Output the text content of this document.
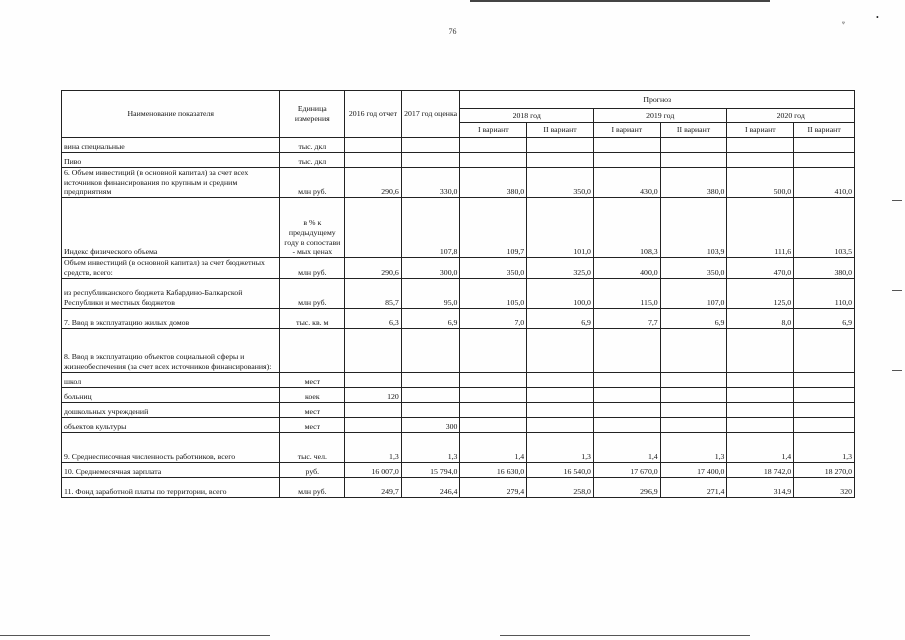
76
ᵩ	•
Наименование показателя	Единица измерения	2016 год отчет	2017 год оценка	Прогноз					
				2018 год		2019 год		2020 год	
				I вариант	II вариант	I вариант	II вариант	I вариант	II вариант
вина специальные	тыс. дкл								
Пиво	тыс. дкл								
6. Объем инвестиций (в основной капитал) за счет всех источников финансирования по крупным и средним предприятиям	млн руб.	290,6	330,0	380,0	350,0	430,0	380,0	500,0	410,0
Индекс физического объема	в % к предыдущему году в сопостави - мых ценах		107,8	109,7	101,0	108,3	103,9	111,6	103,5
Объем инвестиций (в основной капитал) за счет бюджетных средств, всего:	млн руб.	290,6	300,0	350,0	325,0	400,0	350,0	470,0	380,0
из республиканского бюджета Кабардино-Балкарской Республики и местных бюджетов	млн руб.	85,7	95,0	105,0	100,0	115,0	107,0	125,0	110,0
7. Ввод в эксплуатацию жилых домов	тыс. кв. м	6,3	6,9	7,0	6,9	7,7	6,9	8,0	6,9
8. Ввод в эксплуатацию объектов социальной сферы и жизнеобеспечения (за счет всех источников финансирования):									
школ	мест								
больниц	коек	120							
дошкольных учреждений	мест								
объектов культуры	мест		300						
9. Среднесписочная численность работников, всего	тыс. чел.	1,3	1,3	1,4	1,3	1,4	1,3	1,4	1,3
10. Среднемесячная зарплата	руб.	16 007,0	15 794,0	16 630,0	16 540,0	17 670,0	17 400,0	18 742,0	18 270,0
11. Фонд заработной платы по территории, всего	млн руб.	249,7	246,4	279,4	258,0	296,9	271,4	314,9	320
